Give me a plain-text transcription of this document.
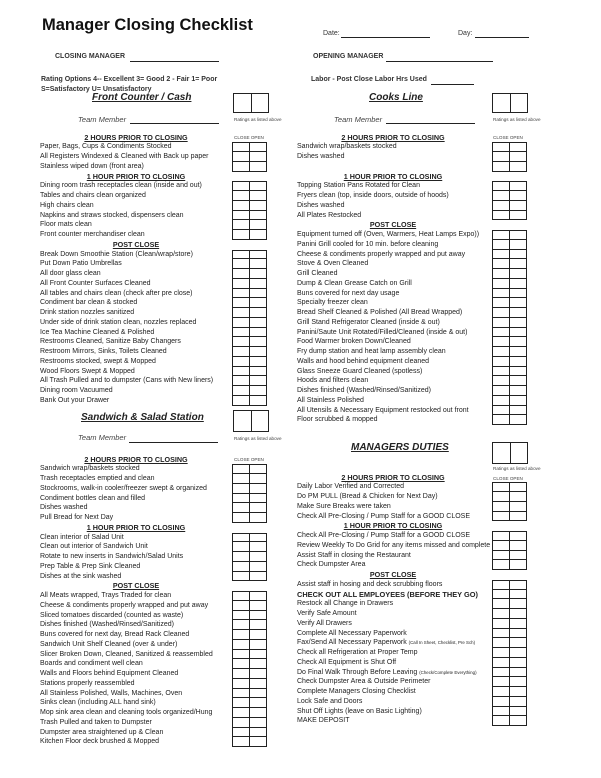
Manager Closing Checklist	Date:	Day:
CLOSING MANAGER	OPENING MANAGER
Rating Options 4-- Excellent 3= Good 2 - Fair 1= Poor
S=Satisfactory U= Unsatisfactory
Labor - Post Close Labor Hrs Used
Front Counter / Cash
Team Member	Ratings as listed above
CLOSE OPEN
Cooks Line
Team Member	Ratings as listed above
CLOSE OPEN
Sandwich & Salad Station
Team Member	Ratings as listed above
CLOSE OPEN
MANAGERS DUTIES
Ratings as listed above
CLOSE OPEN
2 HOURS PRIOR TO CLOSING
Paper, Bags, Cups & Condiments Stocked
All Registers Windexed & Cleaned with Back up paper
Stainless wiped down (front area)
1 HOUR PRIOR TO CLOSING
Dining room trash receptacles clean (inside and out)
Tables and chairs clean organized
High chairs clean
Napkins and straws stocked, dispensers clean
Floor mats clean
Front counter merchandiser clean
POST CLOSE
Break Down Smoothie Station (Clean/wrap/store)
Put Down Patio Umbrellas
All door glass clean
All Front Counter Surfaces Cleaned
All tables and chairs clean (check after pre close)
Condiment bar clean & stocked
Drink station nozzles sanitized
Under side of drink station clean, nozzles replaced
Ice Tea Machine Cleaned & Polished
Restrooms Cleaned, Sanitize Baby Changers
Restroom Mirrors, Sinks, Toilets Cleaned
Restrooms stocked, swept & Mopped
Wood Floors Swept & Mopped
All Trash Pulled and to dumpster (Cans with New liners)
Dining room Vacuumed
Bank Out your Drawer
2 HOURS PRIOR TO CLOSING
Sandwich wrap/baskets stocked
Trash receptacles emptied and clean
Stockrooms, walk-in cooler/freezer swept & organized
Condiment bottles clean and filled
Dishes washed
Pull Bread for Next Day
1 HOUR PRIOR TO CLOSING
Clean interior of Salad Unit
Clean out interior of Sandwich Unit
Rotate to new inserts in Sandwich/Salad Units
Prep Table & Prep Sink Cleaned
Dishes at the sink washed
POST CLOSE
All Meats wrapped, Trays Traded for clean
Cheese & condiments properly wrapped and put away
Sliced tomatoes discarded (counted as waste)
Dishes finished (Washed/Rinsed/Sanitized)
Buns covered for next day, Bread Rack Cleaned
Sandwich Unit Shelf Cleaned (over & under)
Slicer Broken Down, Cleaned, Sanitized & reassembled
Boards and condiment well clean
Walls and Floors behind Equipment Cleaned
Stations properly reassembled
All Stainless Polished, Walls, Machines, Oven
Sinks clean (including ALL hand sink)
Mop sink area clean and cleaning tools organized/Hung
Trash Pulled and taken to Dumpster
Dumpster area straightened up & Clean
Kitchen Floor deck brushed & Mopped
2 HOURS PRIOR TO CLOSING
Sandwich wrap/baskets stocked
Dishes washed
1 HOUR PRIOR TO CLOSING
Topping Station Pans Rotated for Clean
Fryers clean (top, inside doors, outside of hoods)
Dishes washed
All Plates Restocked
POST CLOSE
Equipment turned off (Oven, Warmers, Heat Lamps Expo))
Panini Grill cooled for 10 min. before cleaning
Cheese & condiments properly wrapped and put away
Stove & Oven Cleaned
Grill Cleaned
Dump & Clean Grease Catch on Grill
Buns covered for next day usage
Specialty freezer clean
Bread Shelf Cleaned & Polished (All Bread Wrapped)
Grill Stand Refrigerator Cleaned (inside & out)
Panini/Saute Unit Rotated/Filled/Cleaned (inside & out)
Food Warmer broken Down/Cleaned
Fry dump station and heat lamp assembly clean
Walls and hood behind equipment cleaned
Glass Sneeze Guard Cleaned (spotless)
Hoods and filters clean
Dishes finished (Washed/Rinsed/Sanitized)
All Stainless Polished
All Utensils & Necessary Equipment restocked out front
Floor scrubbed & mopped
2 HOURS PRIOR TO CLOSING
Daily Labor Verified and Corrected
Do PM PULL (Bread & Chicken for Next Day)
Make Sure Breaks were taken
Check All Pre-Closing / Pump Staff for a GOOD CLOSE
1 HOUR PRIOR TO CLOSING
Check All Pre-Closing / Pump Staff for a GOOD CLOSE
Review Weekly To Do Grid for any items missed and complete
Assist Staff in closing the Restaurant
Check Dumpster Area
POST CLOSE
Assist staff in hosing and deck scrubbing floors
CHECK OUT ALL EMPLOYEES (BEFORE THEY GO)
Restock all Change in Drawers
Verify Safe Amount
Verify All Drawers
Complete All Necessary Paperwork
Fax/Send All Necessary Paperwork (Call In Sheet, Checklist, Pre Sch)
Check all Refrigeration at Proper Temp
Check All Equipment is Shut Off
Do Final Walk Through Before Leaving (Check/Complete Everything)
Check Dumpster Area & Outside Perimeter
Complete Managers Closing Checklist
Lock Safe and Doors
Shut Off Lights (leave on Basic Lighting)
MAKE DEPOSIT
